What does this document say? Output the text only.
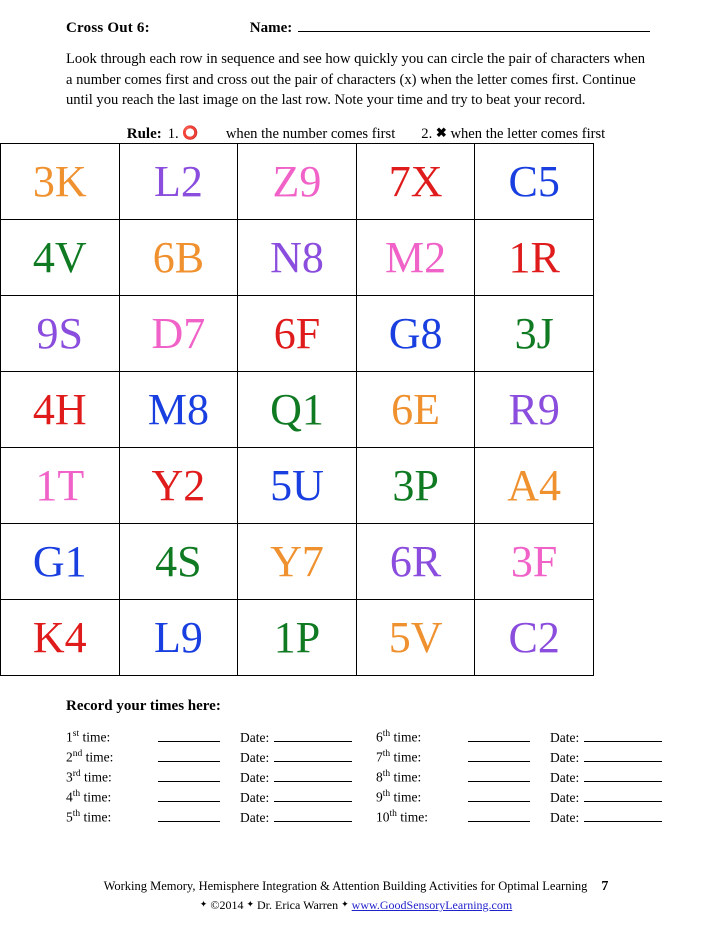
Cross Out 6:	Name:
Look through each row in sequence and see how quickly you can circle the pair of characters when a number comes first and cross out the pair of characters (x) when the letter comes first. Continue until you reach the last image on the last row. Note your time and try to beat your record.
Rule: 1. ⭕ when the number comes first 2. ✖ when the letter comes first
3K	L2	Z9	7X	C5
4V	6B	N8	M2	1R
9S	D7	6F	G8	3J
4H	M8	Q1	6E	R9
1T	Y2	5U	3P	A4
G1	4S	Y7	6R	3F
K4	L9	1P	5V	C2
Record your times here:
1st time:	Date:
2nd time:	Date:
3rd time:	Date:
4th time:	Date:
5th time:	Date:
6th time:	Date:
7th time:	Date:
8th time:	Date:
9th time:	Date:
10th time:	Date:
Working Memory, Hemisphere Integration & Attention Building Activities for Optimal Learning 7
✦ ©2014 ✦ Dr. Erica Warren ✦ www.GoodSensoryLearning.com
